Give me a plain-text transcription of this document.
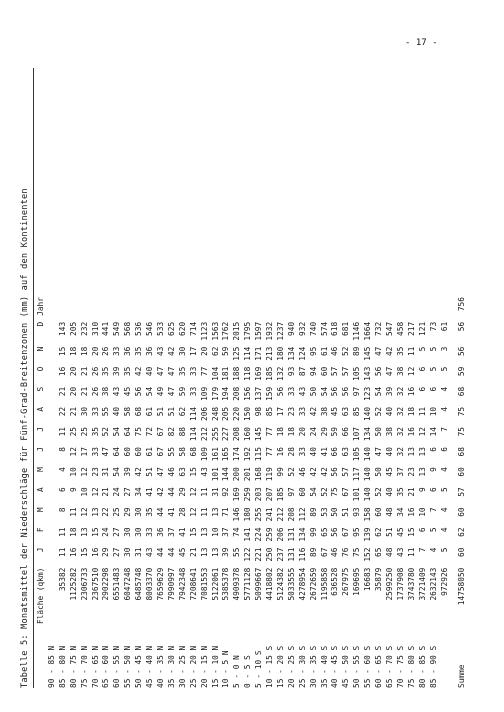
- 17 -
Tabelle 5: Monatsmittel der Niederschläge für Fünf-Grad-Breitenzonen (mm) auf den Kontinenten
	Fläche (qkm)	J	F	M	A	M	J	J	A	S	O	N	D	Jahr
90 - 85 N														
85 - 80 N	35382	11	11	8	6	4	8	11	22	21	16	15	143	
80 - 75 N	1125282	16	18	11	9	10	12	25	21	20	20	18	205	
75 - 70 N	2306733	15	13	12	10	12	17	25	30	21	21	18	232	
70 - 65 N	2367510	16	15	13	12	23	33	35	33	26	26	20	310	
65 - 60 N	2902298	29	24	22	21	31	47	52	55	38	35	26	441	
60 - 55 N	6551483	27	27	25	24	54	64	54	40	43	39	33	549	
55 - 50 N	6047248	30	30	29	27	39	60	64	58	45	35	36	568	
50 - 45 N	6485748	31	30	30	34	42	60	75	68	56	42	35	536	
45 - 40 N	8003370	43	33	35	41	51	61	72	61	54	40	36	546	
40 - 35 N	7659629	44	36	44	42	47	67	67	51	49	47	43	533	
35 - 30 N	7990997	44	37	41	44	46	55	82	51	47	47	42	625	
30 - 25 N	7942348	45	41	28	29	63	58	88	62	59	35	30	620	
25 - 20 N	7208641	21	15	12	12	15	68	114	114	33	33	17	714	
20 - 15 N	7081553	13	13	11	11	43	109	212	206	109	77	20	1123	
15 - 10 N	5122061	13	10	13	31	101	161	255	248	179	104	62	1563	
10 - 5 N	5385378	39	37	71	92	144	165	227	205	194	181	59	1762	
5 - 0 N	4909378	55	74	146	169	200	174	208	220	208	188	125	2015	
0 - 5 S	5771128	122	141	180	259	201	192	160	150	156	118	114	1795	
5 - 10 S	5099667	221	224	255	203	168	115	145	98	137	169	171	1597	
10 - 15 S	4418802	250	259	241	207	119	77	77	85	159	185	213	1932	
15 - 20 S	5124382	237	206	212	185	99	16	18	17	56	132	180	1237	
20 - 25 S	5033555	131	131	208	97	52	28	18	23	33	93	134	940	
25 - 30 S	4278954	116	134	112	60	46	33	20	33	43	87	124	932	
30 - 35 S	2672659	89	99	89	54	42	40	24	42	50	94	95	740	
35 - 40 S	1195858	67	65	53	52	42	41	29	38	54	60	61	574	
40 - 45 S	636528	46	56	50	75	56	66	59	45	56	57	46	618	
45 - 50 S	267975	76	67	51	67	57	63	66	63	56	57	52	681	
50 - 55 S	169695	75	95	93	101	117	105	107	85	97	105	89	1146	
55 - 60 S	16683	152	139	158	140	140	140	134	140	123	143	145	1664	
60 - 65 S	35879	65	62	60	52	50	47	50	52	54	56	47	732	
65 - 70 S	2599250	48	51	48	40	45	40	38	40	39	47	42	547	
70 - 75 S	1737908	43	45	34	35	37	32	32	32	32	38	35	458	
75 - 80 S	3743780	11	15	16	21	23	13	16	18	16	12	11	217	
80 - 85 S	3721409	7	6	10	9	13	13	12	11	6	6	5	121	
85 - 90 S	2632143	4	5	7	6	9	6	14	10	6	5	5	73	
	972926	5	4	4	5	4	6	7	4	4	5	3	61	
Summe	14758050	60	62	60	57	60	68	75	75	68	59	56	56	756
